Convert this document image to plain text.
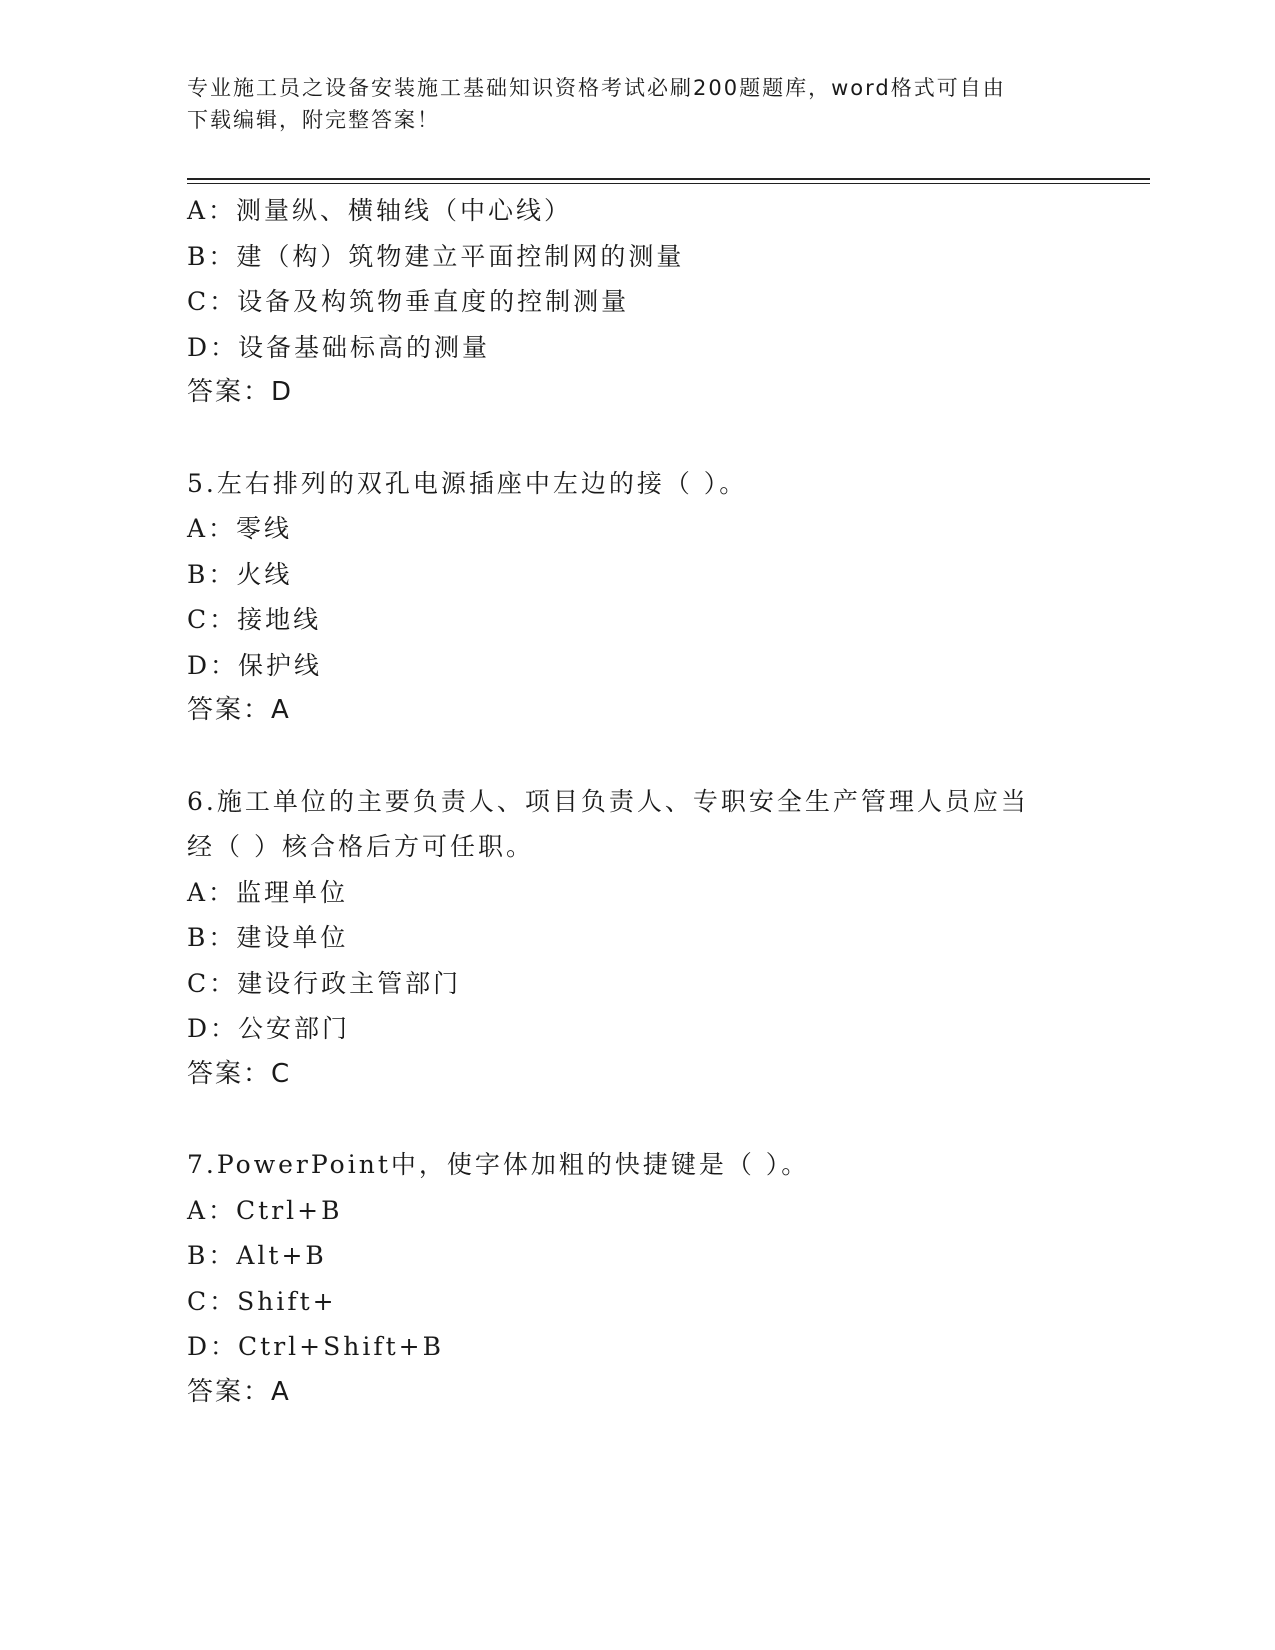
专业施工员之设备安装施工基础知识资格考试必刷200题题库，word格式可自由
下载编辑，附完整答案！
A：测量纵、横轴线（中心线）
B：建（构）筑物建立平面控制网的测量
C：设备及构筑物垂直度的控制测量
D：设备基础标高的测量
答案：D
5.左右排列的双孔电源插座中左边的接（ ）。
A：零线
B：火线
C：接地线
D：保护线
答案：A
6.施工单位的主要负责人、项目负责人、专职安全生产管理人员应当
经（ ）核合格后方可任职。
A：监理单位
B：建设单位
C：建设行政主管部门
D：公安部门
答案：C
7.PowerPoint中，使字体加粗的快捷键是（ ）。
A：Ctrl+B
B：Alt+B
C：Shift+
D：Ctrl+Shift+B
答案：A
